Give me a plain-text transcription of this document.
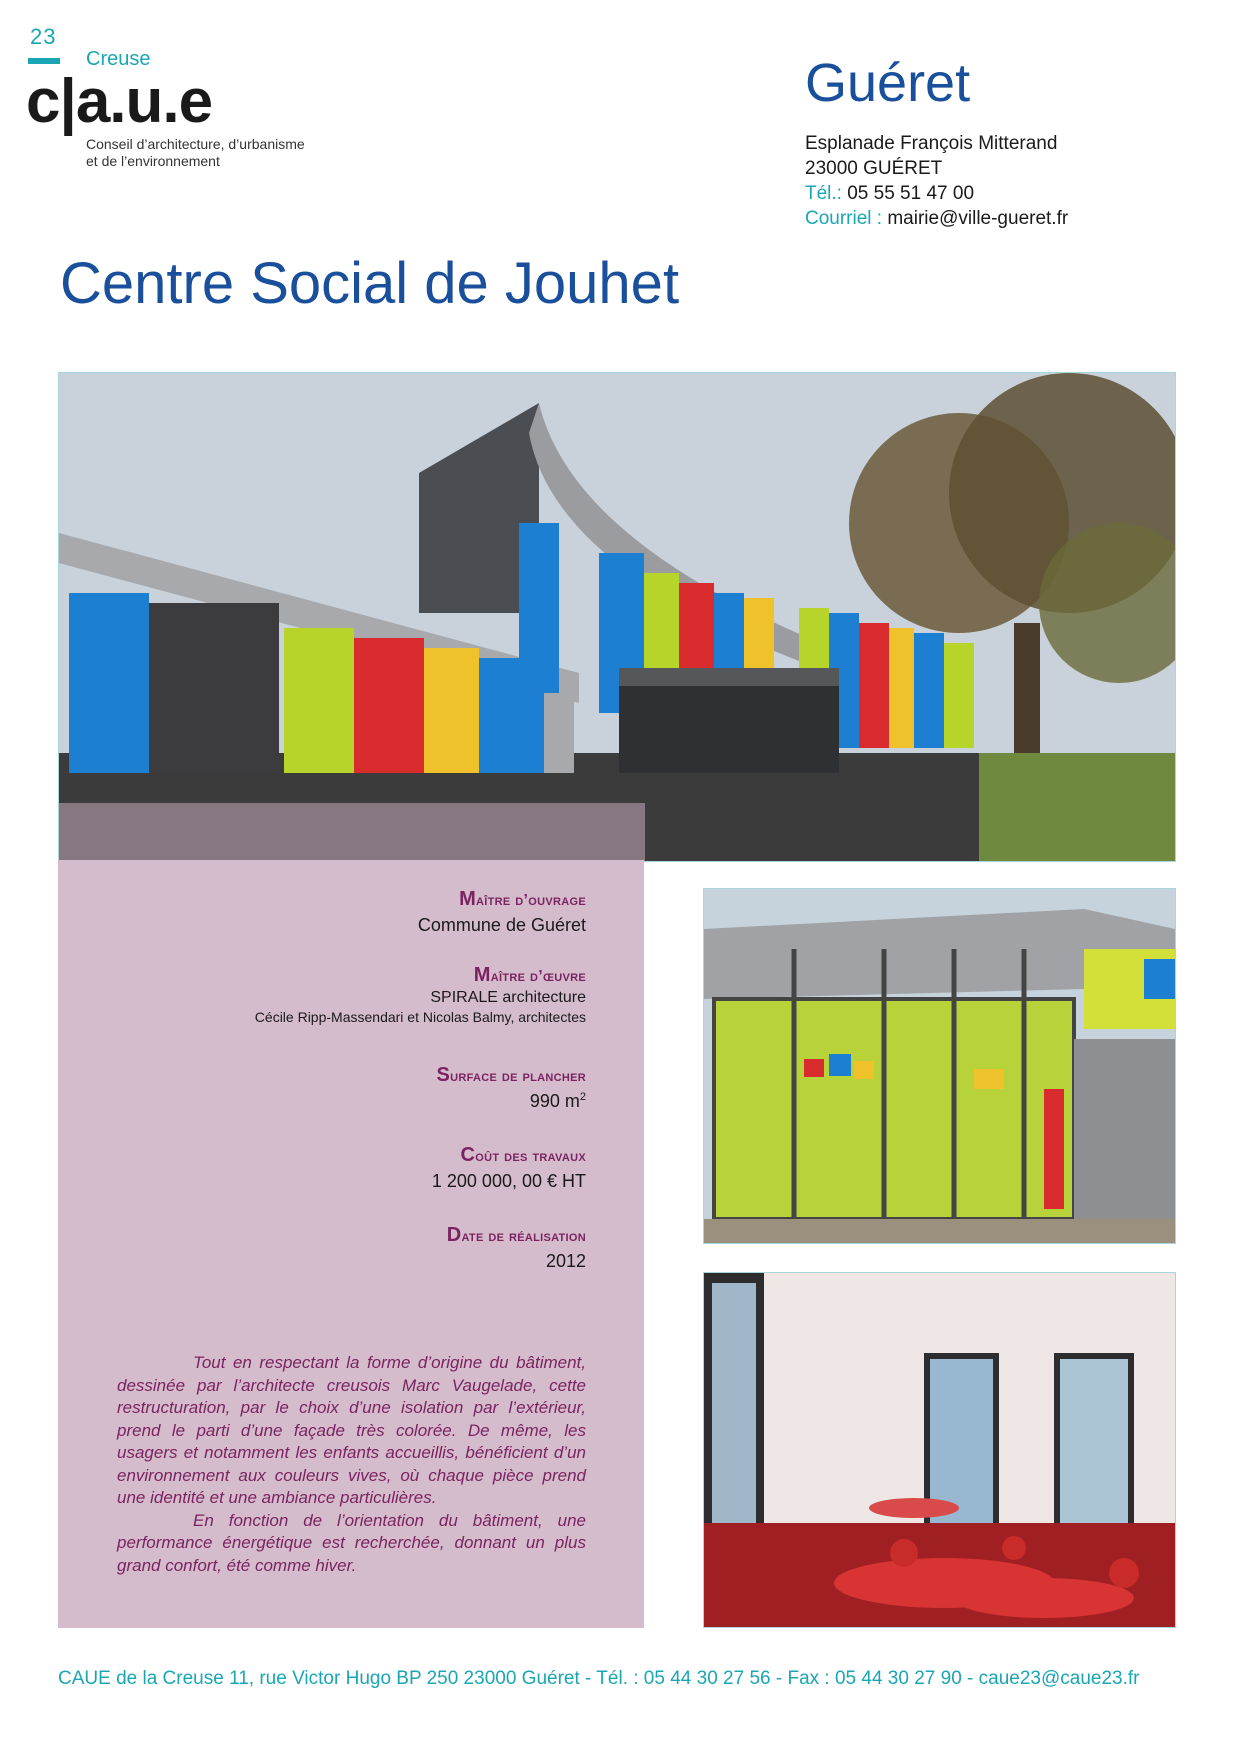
23
Creuse
c|a.u.e
Conseil d’architecture, d’urbanisme
et de l’environnement
Guéret
Esplanade François Mitterand
23000 GUÉRET
Tél.: 05 55 51 47 00
Courriel : mairie@ville-gueret.fr
Centre Social de Jouhet
Maître d’ouvrage
Commune de Guéret
Maître d’œuvre
SPIRALE architecture
Cécile Ripp-Massendari et Nicolas Balmy, architectes
Surface de plancher
990 $m^2$
Coût des travaux
1 200 000, 00 € HT
Date de réalisation
2012

Tout en respectant la forme d’origine du bâtiment, dessinée par l’architecte creusois Marc Vaugelade, cette restructuration, par le choix d’une isolation par l’extérieur, prend le parti d’une façade très colorée. De même, les usagers et notamment les enfants accueillis, bénéficient d’un environnement aux couleurs vives, où chaque pièce prend une identité et une ambiance particulières.

En fonction de l’orientation du bâtiment, une performance énergétique est recherchée, donnant un plus grand confort, été comme hiver.

CAUE de la Creuse 11, rue Victor Hugo BP 250 23000 Guéret - Tél. : 05 44 30 27 56 - Fax : 05 44 30 27 90 - caue23@caue23.fr
